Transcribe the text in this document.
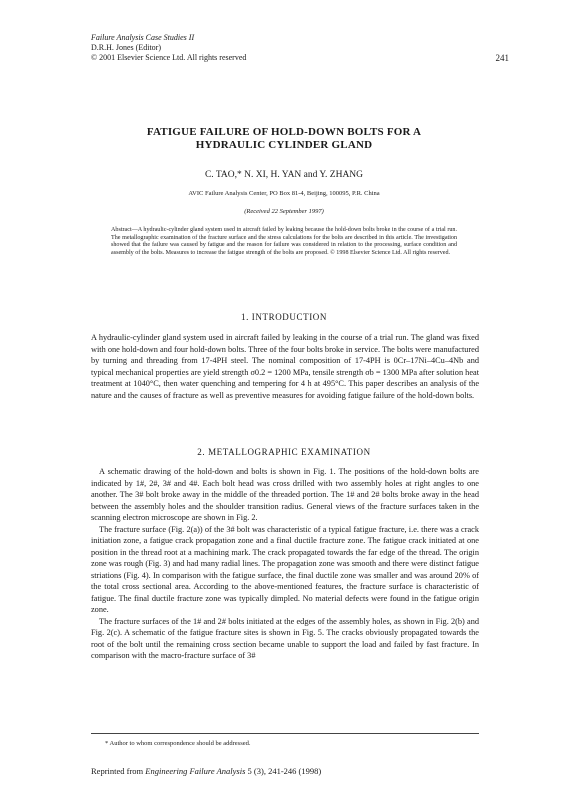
Failure Analysis Case Studies II
D.R.H. Jones (Editor)
© 2001 Elsevier Science Ltd. All rights reserved	241
FATIGUE FAILURE OF HOLD-DOWN BOLTS FOR A
HYDRAULIC CYLINDER GLAND
C. TAO,* N. XI, H. YAN and Y. ZHANG
AVIC Failure Analysis Center, PO Box 81-4, Beijing, 100095, P.R. China
(Received 22 September 1997)
Abstract—A hydraulic-cylinder gland system used in aircraft failed by leaking because the hold-down bolts broke in the course of a trial run. The metallographic examination of the fracture surface and the stress calculations for the bolts are described in this article. The investigation showed that the failure was caused by fatigue and the reason for failure was considered in relation to the processing, surface condition and assembly of the bolts. Measures to increase the fatigue strength of the bolts are proposed. © 1998 Elsevier Science Ltd. All rights reserved.
1. INTRODUCTION

A hydraulic-cylinder gland system used in aircraft failed by leaking in the course of a trial run. The gland was fixed with one hold-down and four hold-down bolts. Three of the four bolts broke in service. The bolts were manufactured by turning and threading from 17-4PH steel. The nominal composition of 17-4PH is 0Cr–17Ni–4Cu–4Nb and typical mechanical properties are yield strength σ0.2 = 1200 MPa, tensile strength σb = 1300 MPa after solution heat treatment at 1040°C, then water quenching and tempering for 4 h at 495°C. This paper describes an analysis of the nature and the causes of fracture as well as preventive measures for avoiding fatigue failure of the hold-down bolts.

2. METALLOGRAPHIC EXAMINATION

A schematic drawing of the hold-down and bolts is shown in Fig. 1. The positions of the hold-down bolts are indicated by 1#, 2#, 3# and 4#. Each bolt head was cross drilled with two assembly holes at right angles to one another. The 3# bolt broke away in the middle of the threaded portion. The 1# and 2# bolts broke away in the head between the assembly holes and the shoulder transition radius. General views of the fracture surfaces taken in the scanning electron microscope are shown in Fig. 2.

The fracture surface (Fig. 2(a)) of the 3# bolt was characteristic of a typical fatigue fracture, i.e. there was a crack initiation zone, a fatigue crack propagation zone and a final ductile fracture zone. The fatigue crack initiated at one position in the thread root at a machining mark. The crack propagated towards the far edge of the thread. The origin zone was rough (Fig. 3) and had many radial lines. The propagation zone was smooth and there were distinct fatigue striations (Fig. 4). In comparison with the fatigue surface, the final ductile zone was smaller and was around 20% of the total cross sectional area. According to the above-mentioned features, the fracture surface is characteristic of fatigue. The final ductile fracture zone was typically dimpled. No material defects were found in the fatigue origin zone.

The fracture surfaces of the 1# and 2# bolts initiated at the edges of the assembly holes, as shown in Fig. 2(b) and Fig. 2(c). A schematic of the fatigue fracture sites is shown in Fig. 5. The cracks obviously propagated towards the root of the bolt until the remaining cross section became unable to support the load and failed by fast fracture. In comparison with the macro-fracture surface of 3#

* Author to whom correspondence should be addressed.
Reprinted from Engineering Failure Analysis 5 (3), 241-246 (1998)
